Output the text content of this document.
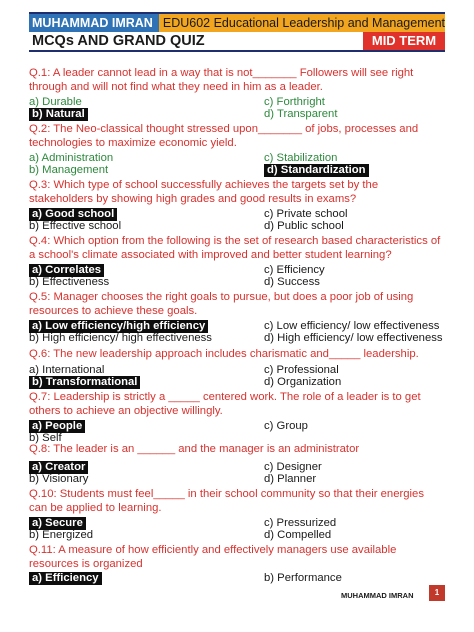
MUHAMMAD IMRAN EDU602 Educational Leadership and Management
MCQs AND GRAND QUIZ	MID TERM

Q.1: A leader cannot lead in a way that is not_______ Followers will see right through and will not find what they need in him as a leader.

a) Durable	c) Forthright
b) Natural	d) Transparent

Q.2: The Neo-classical thought stressed upon_______ of jobs, processes and technologies to maximize economic yield.

a) Administration	c) Stabilization
b) Management	d) Standardization

Q.3: Which type of school successfully achieves the targets set by the stakeholders by showing high grades and good results in exams?

a) Good school	c) Private school
b) Effective school	d) Public school

Q.4: Which option from the following is the set of research based characteristics of a school's climate associated with improved and better student learning?

a) Correlates	c) Efficiency
b) Effectiveness	d) Success

Q.5: Manager chooses the right goals to pursue, but does a poor job of using resources to achieve these goals.

a) Low efficiency/high efficiency	c) Low efficiency/ low effectiveness
b) High efficiency/ high effectiveness	d) High efficiency/ low effectiveness

Q.6: The new leadership approach includes charismatic and_____ leadership.

a) International	c) Professional
b) Transformational	d) Organization

Q.7: Leadership is strictly a _____ centered work. The role of a leader is to get others to achieve an objective willingly.

a) People	c) Group
b) Self

Q.8: The leader is an ______ and the manager is an administrator

a) Creator	c) Designer
b) Visionary	d) Planner

Q.10: Students must feel_____ in their school community so that their energies can be applied to learning.

a) Secure	c) Pressurized
b) Energized	d) Compelled

Q.11: A measure of how efficiently and effectively managers use available resources is organized

a) Efficiency	b) Performance
MUHAMMAD IMRAN	1
